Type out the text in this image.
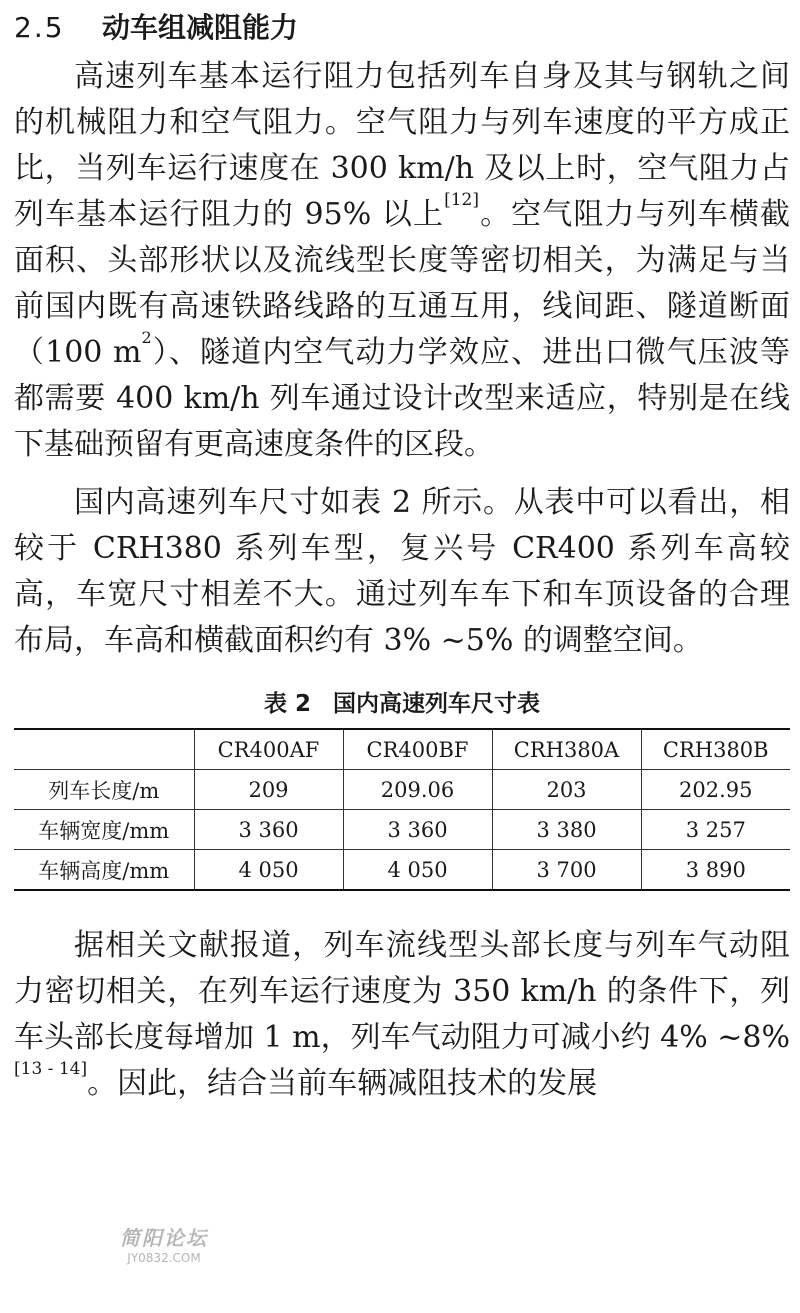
2.5 动车组减阻能力

高速列车基本运行阻力包括列车自身及其与钢轨之间的机械阻力和空气阻力。空气阻力与列车速度的平方成正比，当列车运行速度在 300 km/h 及以上时，空气阻力占列车基本运行阻力的 95% 以上[12]。空气阻力与列车横截面积、头部形状以及流线型长度等密切相关，为满足与当前国内既有高速铁路线路的互通互用，线间距、隧道断面（100 $m^2$）、隧道内空气动力学效应、进出口微气压波等都需要 400 km/h 列车通过设计改型来适应，特别是在线下基础预留有更高速度条件的区段。

国内高速列车尺寸如表 2 所示。从表中可以看出，相较于 CRH380 系列车型，复兴号 CR400 系列车高较高，车宽尺寸相差不大。通过列车车下和车顶设备的合理布局，车高和横截面积约有 3% ~5% 的调整空间。

表 2 国内高速列车尺寸表
	CR400AF	CR400BF	CRH380A	CRH380B
列车长度/m	209	209.06	203	202.95
车辆宽度/mm	3 360	3 360	3 380	3 257
车辆高度/mm	4 050	4 050	3 700	3 890

据相关文献报道，列车流线型头部长度与列车气动阻力密切相关，在列车运行速度为 350 km/h 的条件下，列车头部长度每增加 1 m，列车气动阻力可减小约 4% ~8%[13 - 14]。因此，结合当前车辆减阻技术的发展

简阳论坛
JY0832.COM
